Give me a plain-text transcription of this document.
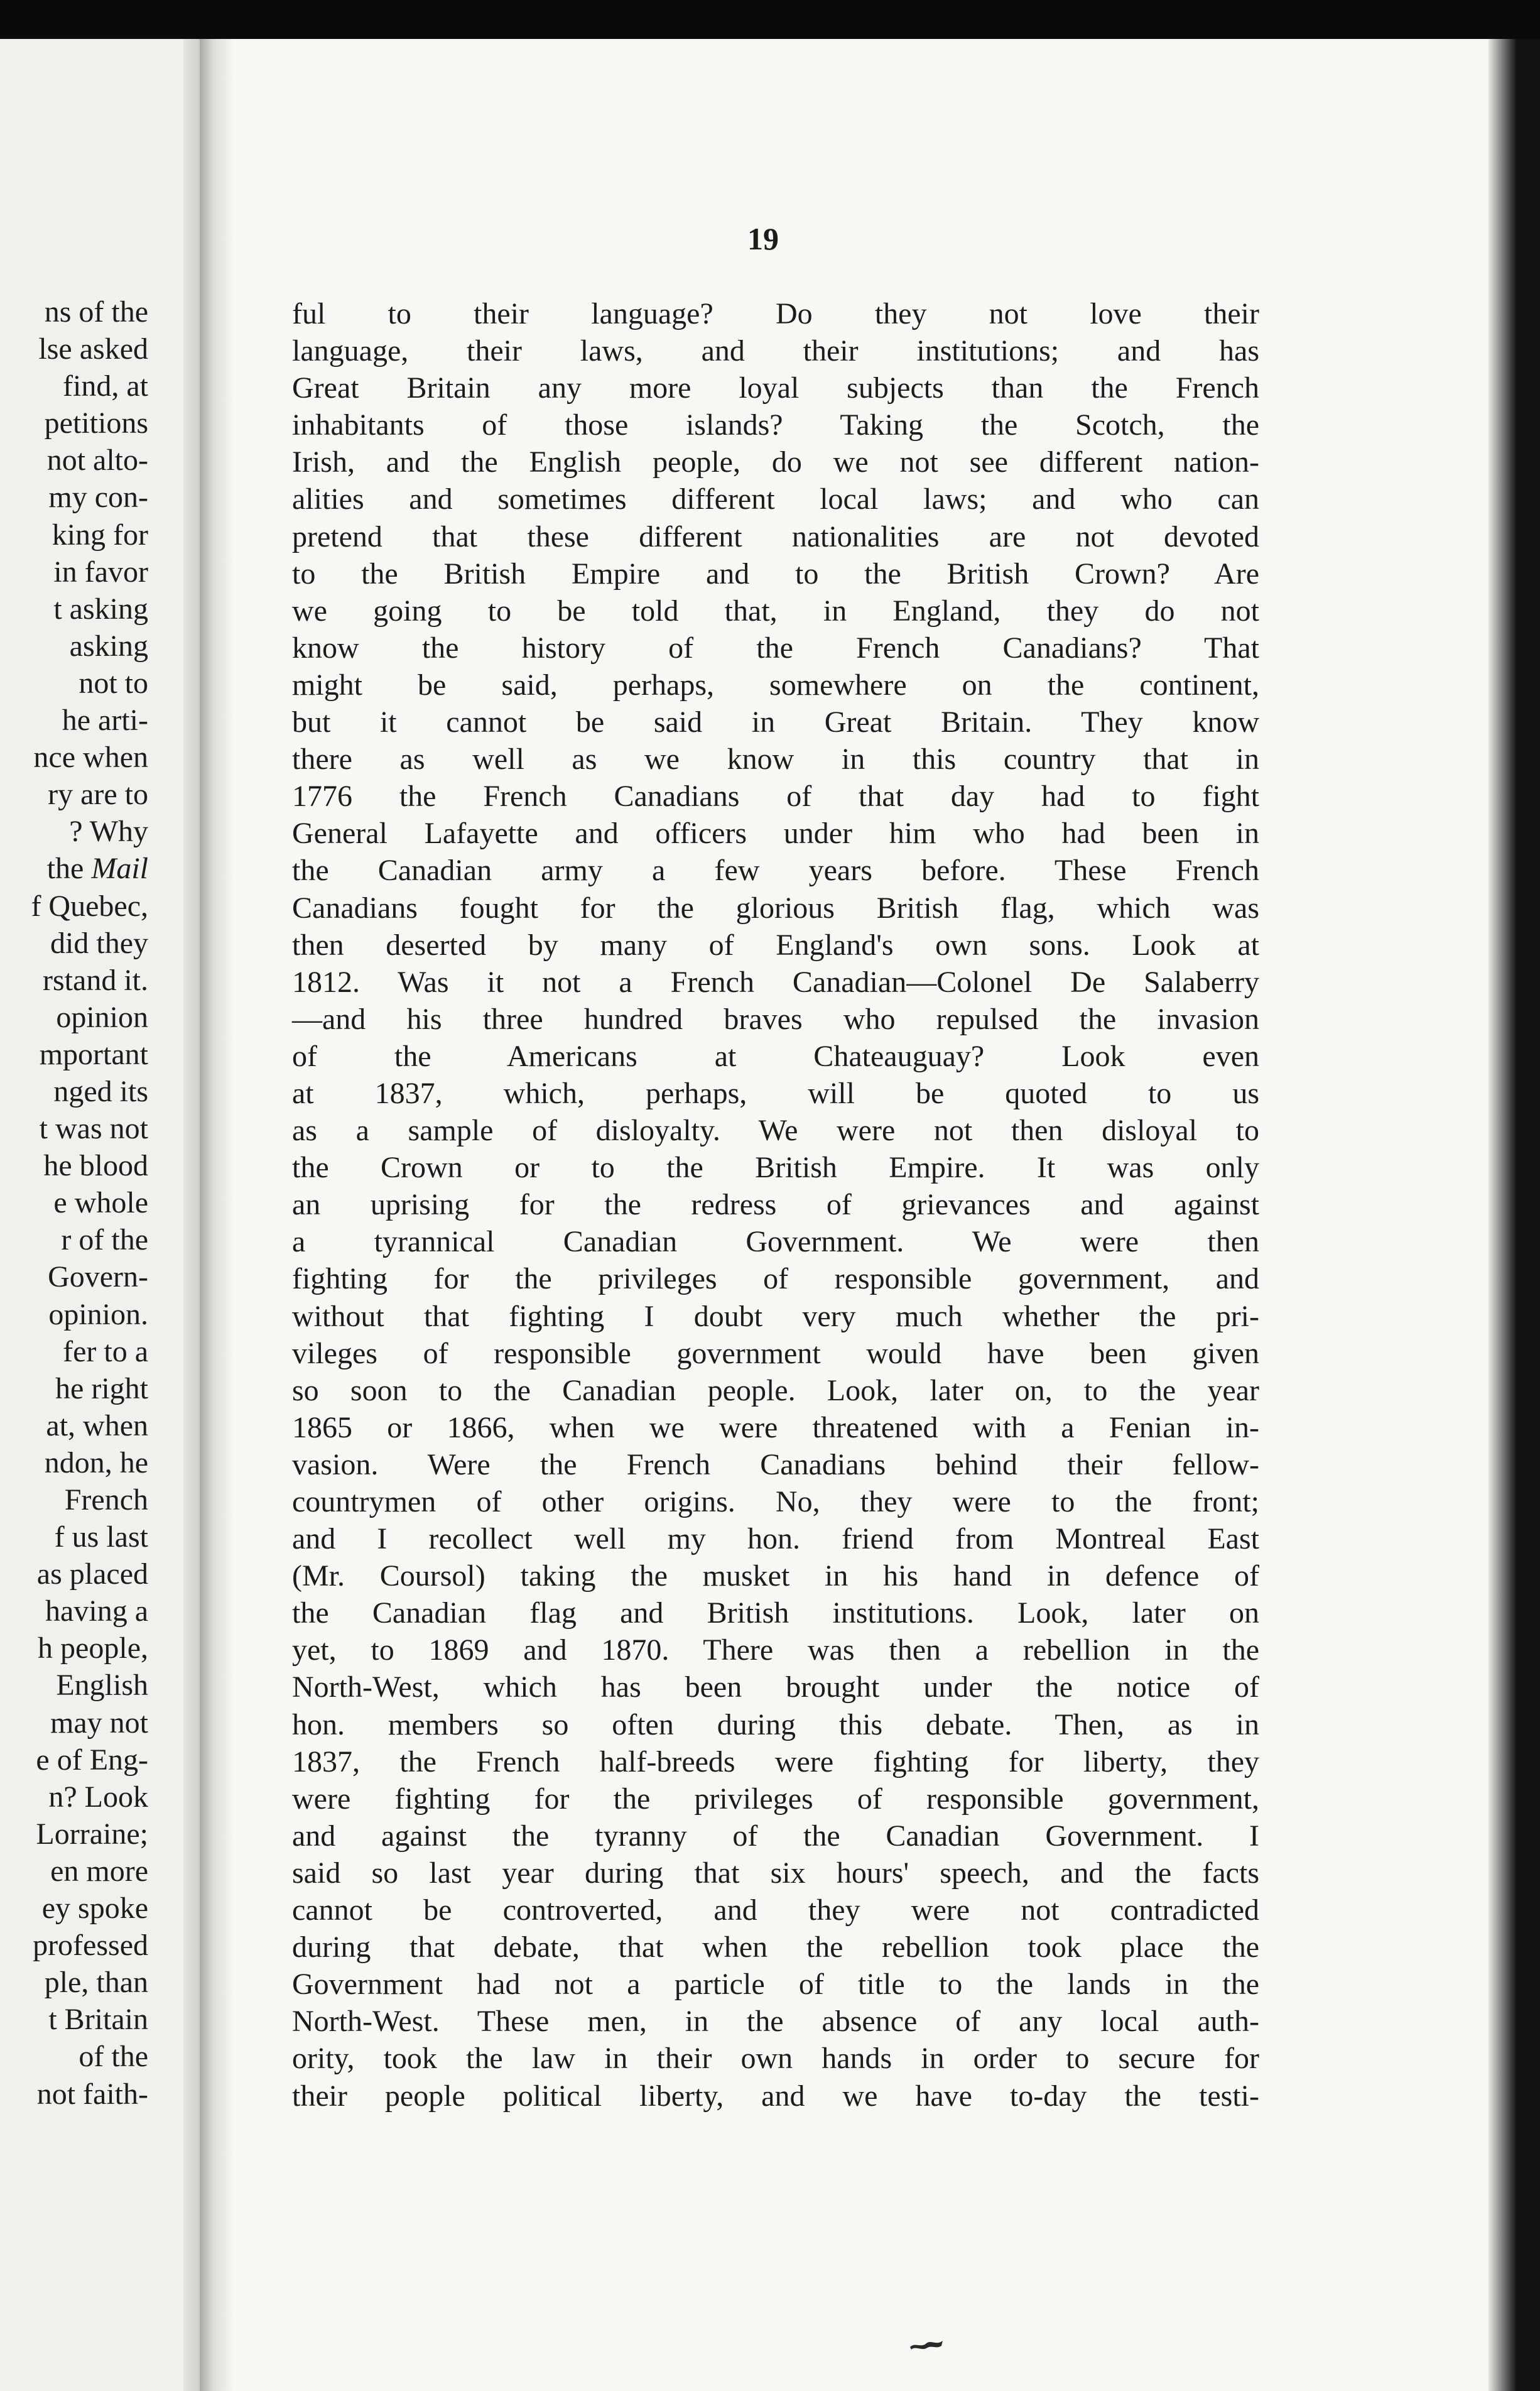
ns of the
lse asked
find, at
petitions
not alto-
my con-
king for
in favor
t asking
asking
not to
he arti-
nce when
ry are to
? Why
the Mail
f Quebec,
did they
rstand it.
opinion
mportant
nged its
t was not
he blood
e whole
r of the
Govern-
opinion.
fer to a
he right
at, when
ndon, he
French
f us last
as placed
having a
h people,
English
may not
e of Eng-
n? Look
Lorraine;
en more
ey spoke
professed
ple, than
t Britain
of the
not faith-
19
ful to their language? Do they not love their
language, their laws, and their institutions; and has
Great Britain any more loyal subjects than the French
inhabitants of those islands? Taking the Scotch, the
Irish, and the English people, do we not see different nation-
alities and sometimes different local laws; and who can
pretend that these different nationalities are not devoted
to the British Empire and to the British Crown? Are
we going to be told that, in England, they do not
know the history of the French Canadians? That
might be said, perhaps, somewhere on the continent,
but it cannot be said in Great Britain. They know
there as well as we know in this country that in
1776 the French Canadians of that day had to fight
General Lafayette and officers under him who had been in
the Canadian army a few years before. These French
Canadians fought for the glorious British flag, which was
then deserted by many of England's own sons. Look at
1812. Was it not a French Canadian—Colonel De Salaberry
—and his three hundred braves who repulsed the invasion
of the Americans at Chateauguay? Look even
at 1837, which, perhaps, will be quoted to us
as a sample of disloyalty. We were not then disloyal to
the Crown or to the British Empire. It was only
an uprising for the redress of grievances and against
a tyrannical Canadian Government. We were then
fighting for the privileges of responsible government, and
without that fighting I doubt very much whether the pri-
vileges of responsible government would have been given
so soon to the Canadian people. Look, later on, to the year
1865 or 1866, when we were threatened with a Fenian in-
vasion. Were the French Canadians behind their fellow-
countrymen of other origins. No, they were to the front;
and I recollect well my hon. friend from Montreal East
(Mr. Coursol) taking the musket in his hand in defence of
the Canadian flag and British institutions. Look, later on
yet, to 1869 and 1870. There was then a rebellion in the
North-West, which has been brought under the notice of
hon. members so often during this debate. Then, as in
1837, the French half-breeds were fighting for liberty, they
were fighting for the privileges of responsible government,
and against the tyranny of the Canadian Government. I
said so last year during that six hours' speech, and the facts
cannot be controverted, and they were not contradicted
during that debate, that when the rebellion took place the
Government had not a particle of title to the lands in the
North-West. These men, in the absence of any local auth-
ority, took the law in their own hands in order to secure for
their people political liberty, and we have to-day the testi-
